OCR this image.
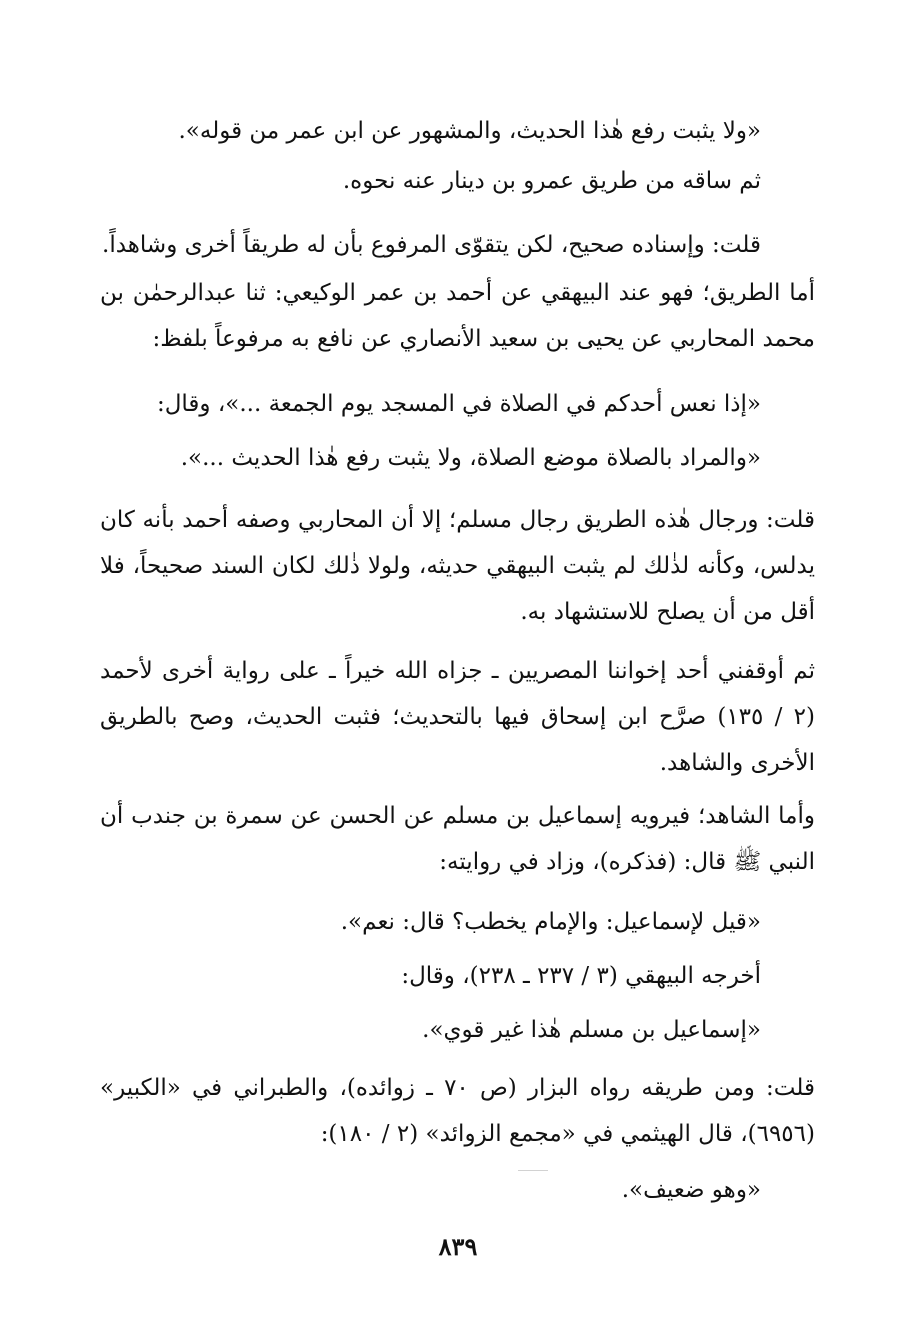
«ولا يثبت رفع هٰذا الحديث، والمشهور عن ابن عمر من قوله».
ثم ساقه من طريق عمرو بن دينار عنه نحوه.
قلت: وإسناده صحيح، لكن يتقوّى المرفوع بأن له طريقاً أخرى وشاهداً.
أما الطريق؛ فهو عند البيهقي عن أحمد بن عمر الوكيعي: ثنا عبدالرحمٰن بن محمد المحاربي عن يحيى بن سعيد الأنصاري عن نافع به مرفوعاً بلفظ:
«إذا نعس أحدكم في الصلاة في المسجد يوم الجمعة ...»، وقال:
«والمراد بالصلاة موضع الصلاة، ولا يثبت رفع هٰذا الحديث ...».
قلت: ورجال هٰذه الطريق رجال مسلم؛ إلا أن المحاربي وصفه أحمد بأنه كان يدلس، وكأنه لذٰلك لم يثبت البيهقي حديثه، ولولا ذٰلك لكان السند صحيحاً، فلا أقل من أن يصلح للاستشهاد به.
ثم أوقفني أحد إخواننا المصريين ـ جزاه الله خيراً ـ على رواية أخرى لأحمد (٢ / ١٣٥) صرَّح ابن إسحاق فيها بالتحديث؛ فثبت الحديث، وصح بالطريق الأخرى والشاهد.
وأما الشاهد؛ فيرويه إسماعيل بن مسلم عن الحسن عن سمرة بن جندب أن النبي ﷺ قال: (فذكره)، وزاد في روايته:
«قيل لإسماعيل: والإمام يخطب؟ قال: نعم».
أخرجه البيهقي (٣ / ٢٣٧ ـ ٢٣٨)، وقال:
«إسماعيل بن مسلم هٰذا غير قوي».
قلت: ومن طريقه رواه البزار (ص ٧٠ ـ زوائده)، والطبراني في «الكبير» (٦٩٥٦)، قال الهيثمي في «مجمع الزوائد» (٢ / ١٨٠):
«وهو ضعيف».
٨٣٩
